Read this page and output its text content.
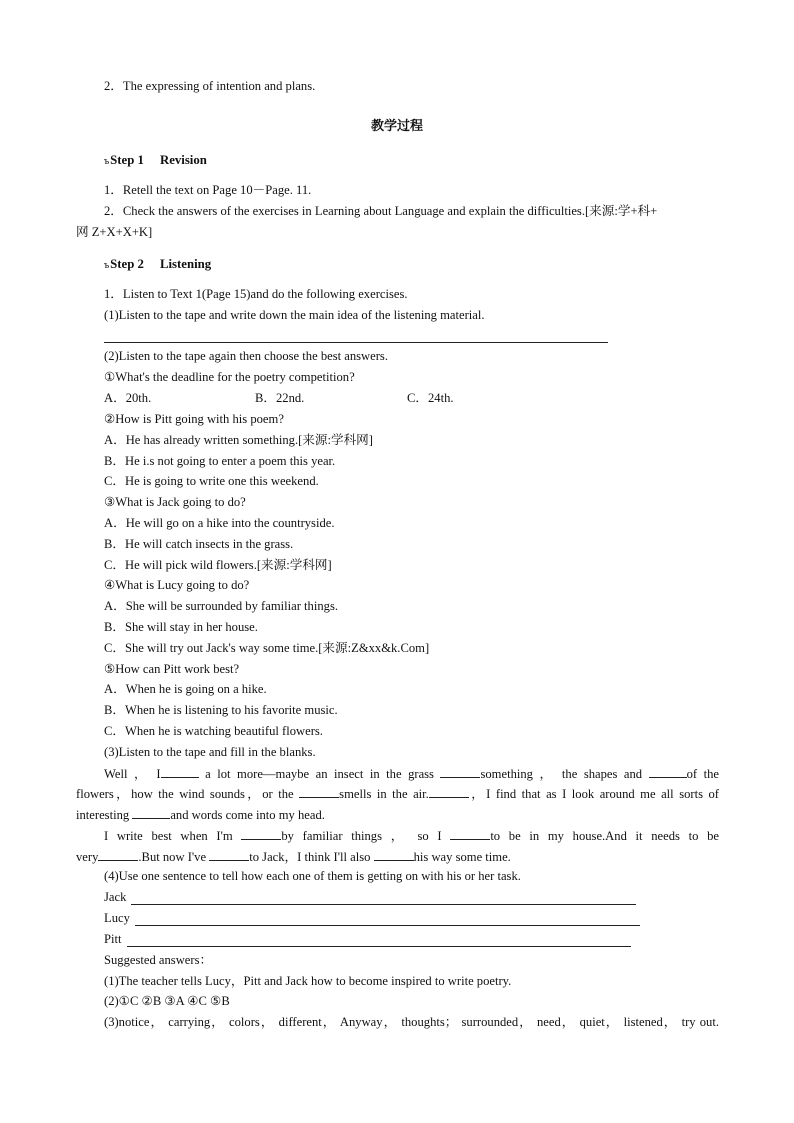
2．The expressing of intention and plans.
教学过程
ъStep 1 Revision
1．Retell the text on Page 10－Page. 11.
2．Check the answers of the exercises in Learning about Language and explain the difficulties.[来源:学+科+
网 Z+X+X+K]
ъStep 2 Listening
1．Listen to Text 1(Page 15)and do the following exercises.
(1)Listen to the tape and write down the main idea of the listening material.
(2)Listen to the tape again then choose the best answers.
①What's the deadline for the poetry competition?
A．20th.	B．22nd.	C．24th.
②How is Pitt going with his poem?
A．He has already written something.[来源:学科网]
B．He i.s not going to enter a poem this year.
C．He is going to write one this weekend.
③What is Jack going to do?
A．He will go on a hike into the countryside.
B．He will catch insects in the grass.
C．He will pick wild flowers.[来源:学科网]
④What is Lucy going to do?
A．She will be surrounded by familiar things.
B．She will stay in her house.
C．She will try out Jack's way some time.[来源:Z&xx&k.Com]
⑤How can Pitt work best?
A．When he is going on a hike.
B．When he is listening to his favorite music.
C．When he is watching beautiful flowers.
(3)Listen to the tape and fill in the blanks.
Well ， I	a lot more—maybe an insect in the grass	something ， the shapes and	of the
flowers，how the wind sounds，or the	smells in the air.	，I find that as I look around me all sorts of
interesting	and words come into my head.
I write best when I'm	by familiar things ， so I	to be in my house.And it needs to be
very	.But now I've	to Jack，I think I'll also	his way some time.
(4)Use one sentence to tell how each one of them is getting on with his or her task.
Jack
Lucy
Pitt
Suggested answers：
(1)The teacher tells Lucy，Pitt and Jack how to become inspired to write poetry.
(2)①C ②B ③A ④C ⑤B
(3)notice， carrying， colors， different， Anyway， thoughts； surrounded， need， quiet， listened， try out.
